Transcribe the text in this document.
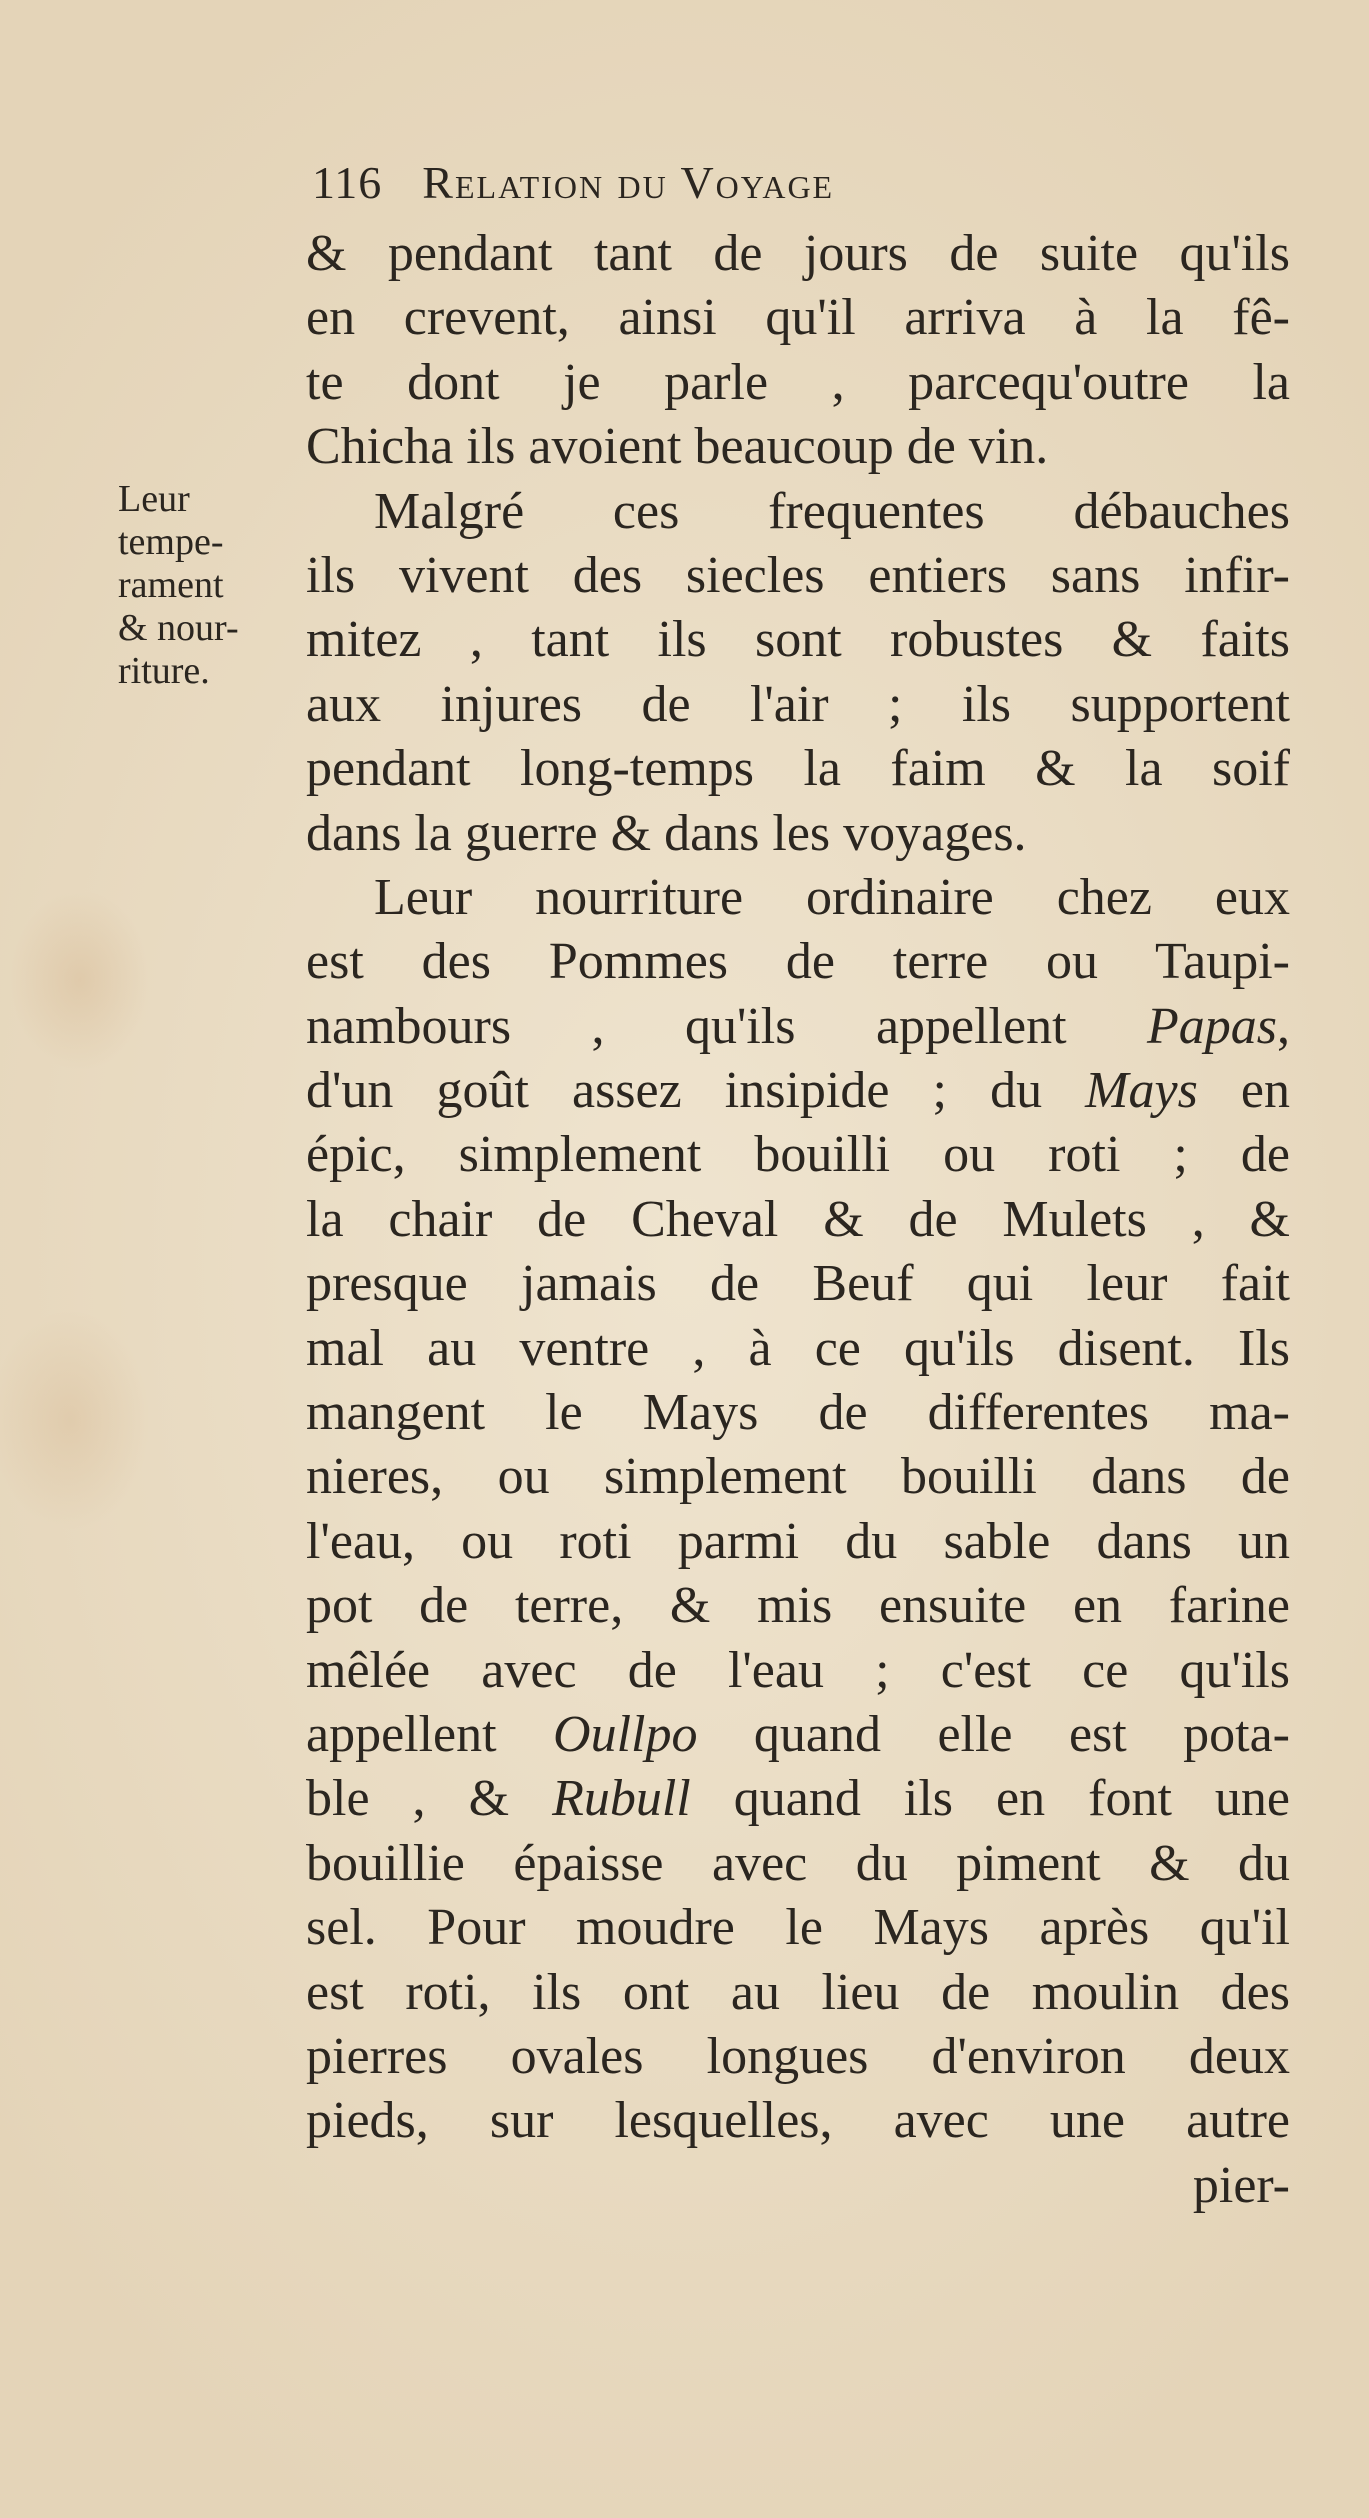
116 Relation du Voyage
Leur
tempe-
rament
& nour-
riture.
& pendant tant de jours de suite qu'ils
en crevent, ainsi qu'il arriva à la fê-
te dont je parle , parcequ'outre la
Chicha ils avoient beaucoup de vin.
Malgré ces frequentes débauches
ils vivent des siecles entiers sans infir-
mitez , tant ils sont robustes & faits
aux injures de l'air ; ils supportent
pendant long-temps la faim & la soif
dans la guerre & dans les voyages.
Leur nourriture ordinaire chez eux
est des Pommes de terre ou Taupi-
nambours , qu'ils appellent Papas,
d'un goût assez insipide ; du Mays en
épic, simplement bouilli ou roti ; de
la chair de Cheval & de Mulets , &
presque jamais de Beuf qui leur fait
mal au ventre , à ce qu'ils disent. Ils
mangent le Mays de differentes ma-
nieres, ou simplement bouilli dans de
l'eau, ou roti parmi du sable dans un
pot de terre, & mis ensuite en farine
mêlée avec de l'eau ; c'est ce qu'ils
appellent Oullpo quand elle est pota-
ble , & Rubull quand ils en font une
bouillie épaisse avec du piment & du
sel. Pour moudre le Mays après qu'il
est roti, ils ont au lieu de moulin des
pierres ovales longues d'environ deux
pieds, sur lesquelles, avec une autre
pier-
